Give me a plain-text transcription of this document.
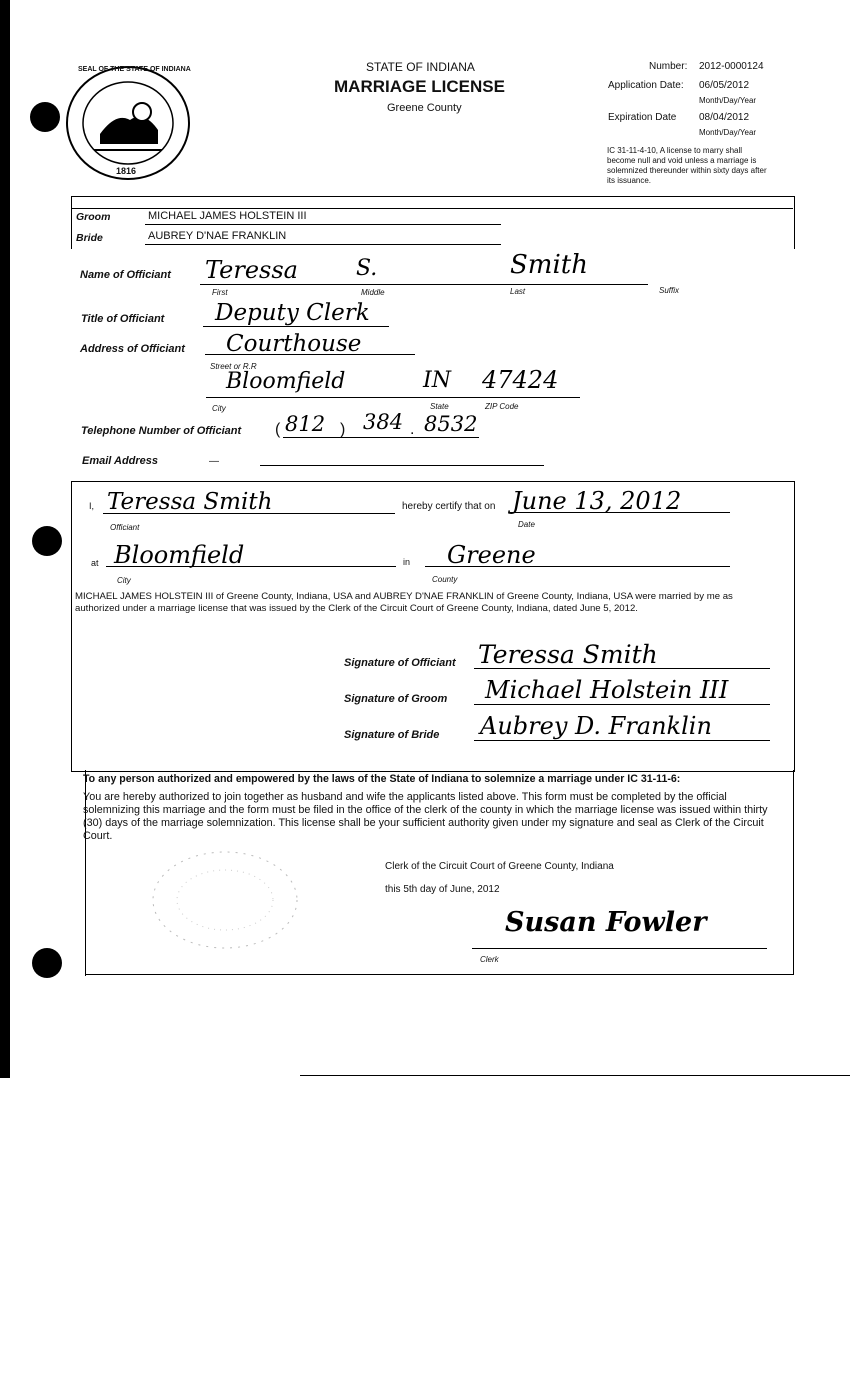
SEAL OF THE STATE OF INDIANA
1816
STATE OF INDIANA
MARRIAGE LICENSE
Greene County
Number: 2012-0000124
Application Date: 06/05/2012
Month/Day/Year
Expiration Date 08/04/2012
Month/Day/Year
IC 31-11-4-10, A license to marry shall become null and void unless a marriage is solemnized thereunder within sixty days after its issuance.
Groom	MICHAEL JAMES HOLSTEIN III
Bride	AUBREY D'NAE FRANKLIN
Name of Officiant Teressa	S.	Smith
First	Middle	Last	Suffix
Title of Officiant Deputy Clerk
Address of Officiant Courthouse
Street or R.R
Bloomfield	IN 47424
City	State	ZIP Code
Telephone Number of Officiant ( 812 ) 384 . 8532
Email Address	—
I, Teressa Smith
Officiant
hereby certify that on June 13, 2012
Date
at Bloomfield
City
in Greene
County
MICHAEL JAMES HOLSTEIN III of Greene County, Indiana, USA and AUBREY D'NAE FRANKLIN of Greene County, Indiana, USA were married by me as authorized under a marriage license that was issued by the Clerk of the Circuit Court of Greene County, Indiana, dated June 5, 2012.
Signature of Officiant Teressa Smith
Signature of Groom Michael Holstein III
Signature of Bride Aubrey D. Franklin
To any person authorized and empowered by the laws of the State of Indiana to solemnize a marriage under IC 31-11-6:
You are hereby authorized to join together as husband and wife the applicants listed above. This form must be completed by the official solemnizing this marriage and the form must be filed in the office of the clerk of the county in which the marriage license was issued within thirty (30) days of the marriage solemnization. This license shall be your sufficient authority given under my signature and seal as Clerk of the Circuit Court.
Clerk of the Circuit Court of Greene County, Indiana
this 5th day of June, 2012
Susan Fowler
Clerk
